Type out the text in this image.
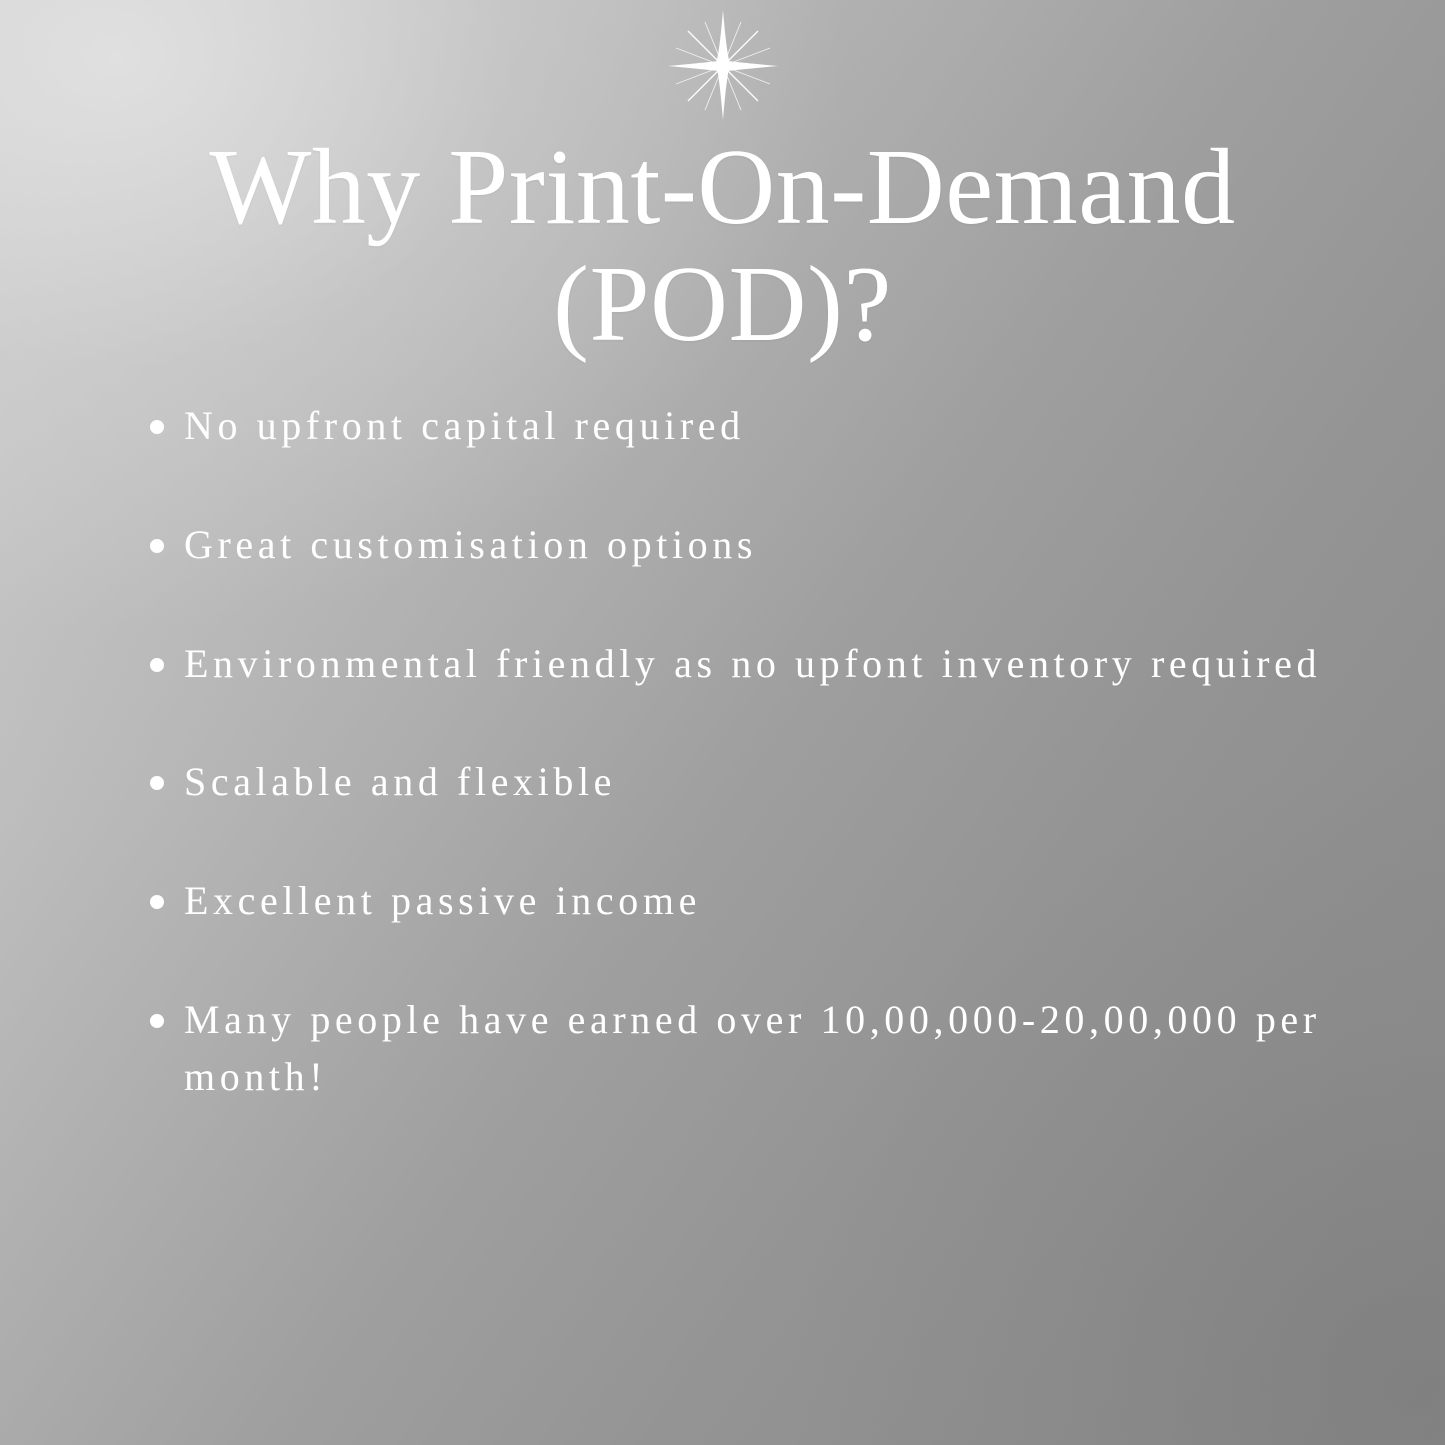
Why Print-On-Demand (POD)?
No upfront capital required
Great customisation options
Environmental friendly as no upfont inventory required
Scalable and flexible
Excellent passive income
Many people have earned over 10,00,000-20,00,000 per month!
